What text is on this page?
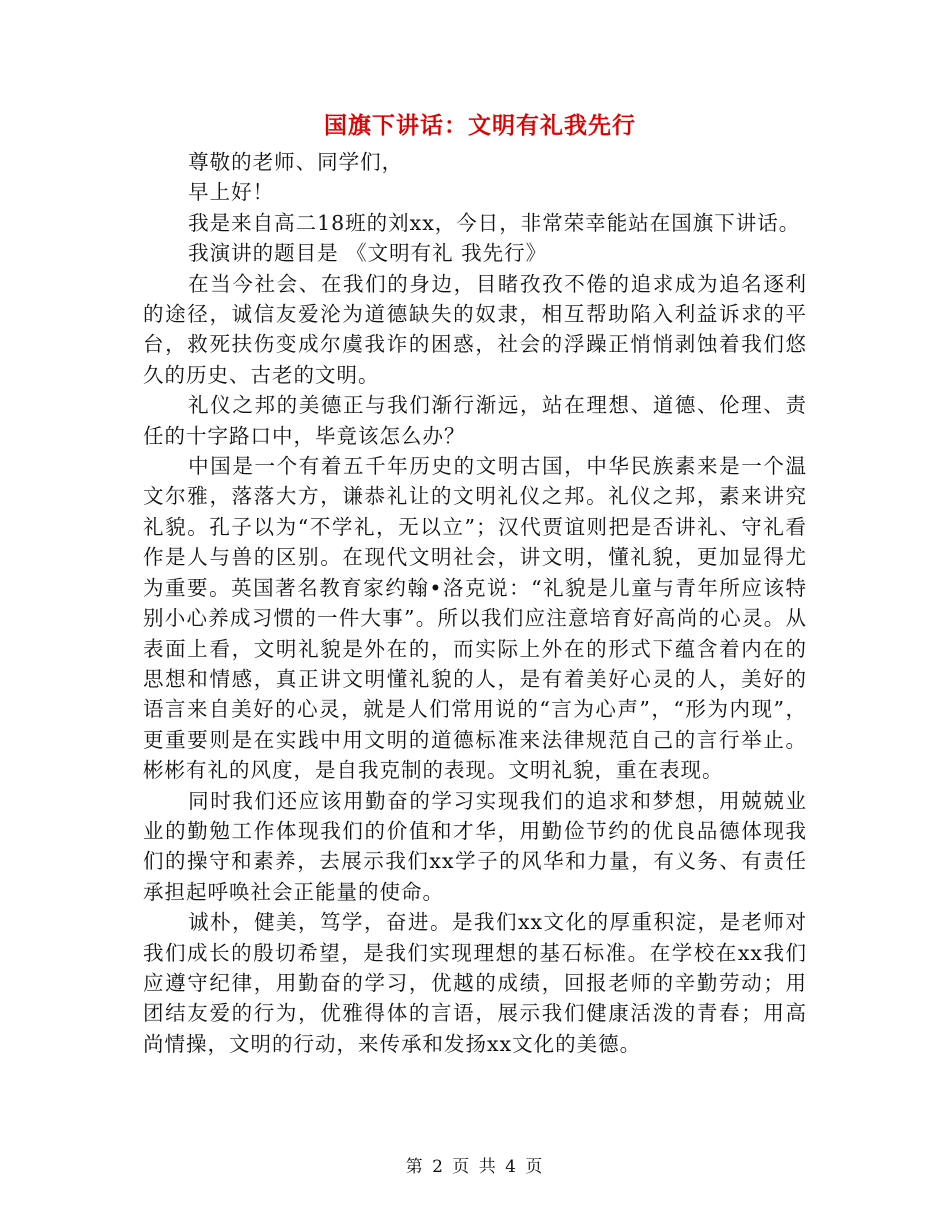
国旗下讲话：文明有礼我先行

尊敬的老师、同学们，

早上好！

我是来自高二18班的刘xx，今日，非常荣幸能站在国旗下讲话。

我演讲的题目是 《文明有礼 我先行》

在当今社会、在我们的身边，目睹孜孜不倦的追求成为追名逐利的途径，诚信友爱沦为道德缺失的奴隶，相互帮助陷入利益诉求的平台，救死扶伤变成尔虞我诈的困惑，社会的浮躁正悄悄剥蚀着我们悠久的历史、古老的文明。

礼仪之邦的美德正与我们渐行渐远，站在理想、道德、伦理、责任的十字路口中，毕竟该怎么办？

中国是一个有着五千年历史的文明古国，中华民族素来是一个温文尔雅，落落大方，谦恭礼让的文明礼仪之邦。礼仪之邦，素来讲究礼貌。孔子以为“不学礼，无以立”；汉代贾谊则把是否讲礼、守礼看作是人与兽的区别。在现代文明社会，讲文明，懂礼貌，更加显得尤为重要。英国著名教育家约翰•洛克说：“礼貌是儿童与青年所应该特别小心养成习惯的一件大事”。所以我们应注意培育好高尚的心灵。从表面上看，文明礼貌是外在的，而实际上外在的形式下蕴含着内在的思想和情感，真正讲文明懂礼貌的人，是有着美好心灵的人，美好的语言来自美好的心灵，就是人们常用说的“言为心声”，“形为内现”，更重要则是在实践中用文明的道德标准来法律规范自己的言行举止。彬彬有礼的风度，是自我克制的表现。文明礼貌，重在表现。

同时我们还应该用勤奋的学习实现我们的追求和梦想，用兢兢业业的勤勉工作体现我们的价值和才华，用勤俭节约的优良品德体现我们的操守和素养，去展示我们xx学子的风华和力量，有义务、有责任承担起呼唤社会正能量的使命。

诚朴，健美，笃学，奋进。是我们xx文化的厚重积淀，是老师对我们成长的殷切希望，是我们实现理想的基石标准。在学校在xx我们应遵守纪律，用勤奋的学习，优越的成绩，回报老师的辛勤劳动；用团结友爱的行为，优雅得体的言语，展示我们健康活泼的青春；用高尚情操，文明的行动，来传承和发扬xx文化的美德。

第 2 页 共 4 页
